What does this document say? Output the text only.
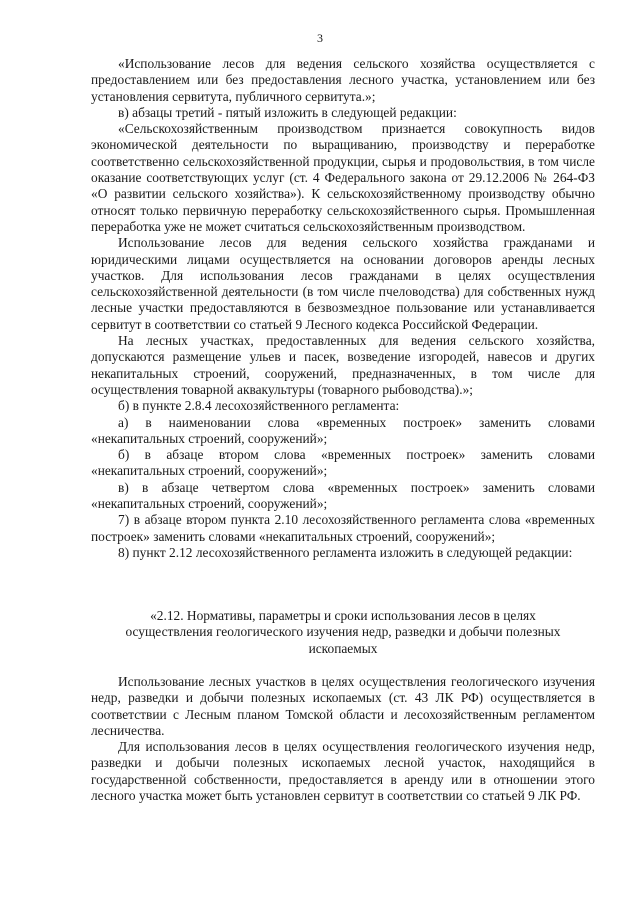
3

«Использование лесов для ведения сельского хозяйства осуществляется с предоставлением или без предоставления лесного участка, установлением или без установления сервитута, публичного сервитута.»;

в) абзацы третий - пятый изложить в следующей редакции:

«Сельскохозяйственным производством признается совокупность видов экономической деятельности по выращиванию, производству и переработке соответственно сельскохозяйственной продукции, сырья и продовольствия, в том числе оказание соответствующих услуг (ст. 4 Федерального закона от 29.12.2006 № 264-ФЗ «О развитии сельского хозяйства»). К сельскохозяйственному производству обычно относят только первичную переработку сельскохозяйственного сырья. Промышленная переработка уже не может считаться сельскохозяйственным производством.

Использование лесов для ведения сельского хозяйства гражданами и юридическими лицами осуществляется на основании договоров аренды лесных участков. Для использования лесов гражданами в целях осуществления сельскохозяйственной деятельности (в том числе пчеловодства) для собственных нужд лесные участки предоставляются в безвозмездное пользование или устанавливается сервитут в соответствии со статьей 9 Лесного кодекса Российской Федерации.

На лесных участках, предоставленных для ведения сельского хозяйства, допускаются размещение ульев и пасек, возведение изгородей, навесов и других некапитальных строений, сооружений, предназначенных, в том числе для осуществления товарной аквакультуры (товарного рыбоводства).»;

б) в пункте 2.8.4 лесохозяйственного регламента:

а) в наименовании слова «временных построек» заменить словами «некапитальных строений, сооружений»;

б) в абзаце втором слова «временных построек» заменить словами «некапитальных строений, сооружений»;

в) в абзаце четвертом слова «временных построек» заменить словами «некапитальных строений, сооружений»;

7) в абзаце втором пункта 2.10 лесохозяйственного регламента слова «временных построек» заменить словами «некапитальных строений, сооружений»;

8) пункт 2.12 лесохозяйственного регламента изложить в следующей редакции:

«2.12. Нормативы, параметры и сроки использования лесов в целях
осуществления геологического изучения недр, разведки и добычи полезных
ископаемых

Использование лесных участков в целях осуществления геологического изучения недр, разведки и добычи полезных ископаемых (ст. 43 ЛК РФ) осуществляется в соответствии с Лесным планом Томской области и лесохозяйственным регламентом лесничества.

Для использования лесов в целях осуществления геологического изучения недр, разведки и добычи полезных ископаемых лесной участок, находящийся в государственной собственности, предоставляется в аренду или в отношении этого лесного участка может быть установлен сервитут в соответствии со статьей 9 ЛК РФ.
